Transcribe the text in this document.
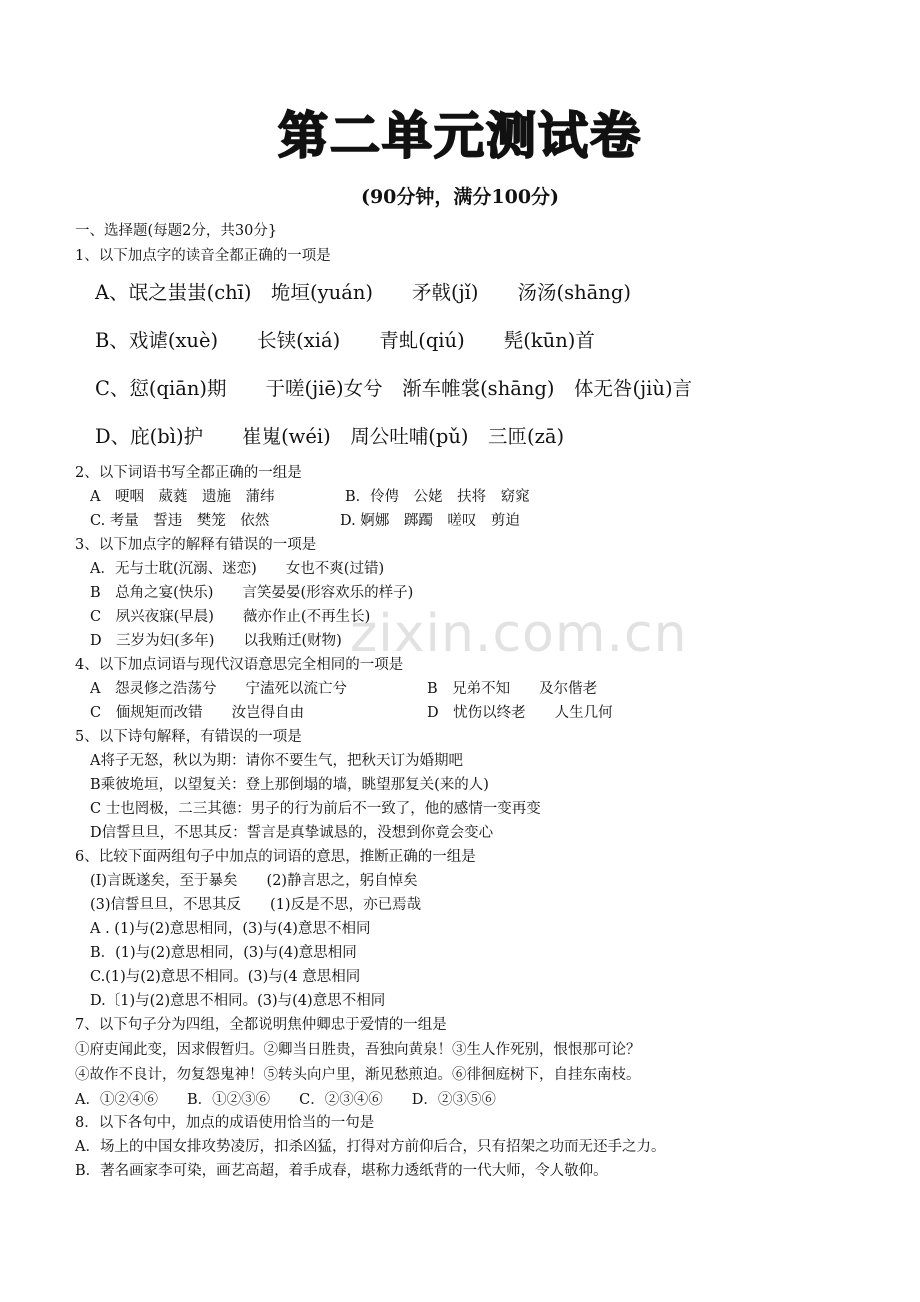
zixin.com.cn
第二单元测试卷
(90分钟，满分100分)
一、选择题(每题2分，共30分}
1、以下加点字的读音全都正确的一项是
A、氓之蚩蚩(chī)　垝垣(yuán)　　矛戟(jǐ)　　汤汤(shāng)
B、戏谑(xuè)　　长铗(xiá)　　青虬(qiú)　　髡(kūn)首
C、愆(qiān)期　　于嗟(jiē)女兮　渐车帷裳(shāng)　体无咎(jiù)言
D、庇(bì)护　　崔嵬(wéi)　周公吐哺(pǔ)　三匝(zā)
2、以下词语书写全都正确的一组是
A　哽咽　葳蕤　遗施　蒲纬	B．伶俜　公姥　扶将　窈窕
C. 考量　誓违　樊笼　依然	D. 婀娜　踯躅　嗟叹　剪迫
3、以下加点字的解释有错误的一项是
A．无与士耽(沉溺、迷恋)　　女也不爽(过错)
B　总角之宴(快乐)　　言笑晏晏(形容欢乐的样子)
C　夙兴夜寐(早晨)　　薇亦作止(不再生长)
D　三岁为妇(多年)　　以我贿迁(财物)
4、以下加点词语与现代汉语意思完全相同的一项是
A　怨灵修之浩荡兮　　宁溘死以流亡兮	B　兄弟不知　　及尔偕老
C　偭规矩而改错　　汝岂得自由	D　忧伤以终老　　人生几何
5、以下诗句解释，有错误的一项是
A将子无怒，秋以为期：请你不要生气，把秋天订为婚期吧
B乘彼垝垣，以望复关：登上那倒塌的墙，眺望那复关(来的人)
C 士也罔极，二三其德：男子的行为前后不一致了，他的感情一变再变
D信誓旦旦，不思其反：誓言是真挚诚恳的，没想到你竟会变心
6、比较下面两组句子中加点的词语的意思，推断正确的一组是
(I)言既遂矣，至于暴矣　　(2)静言思之，躬自悼矣
(3)信誓旦旦，不思其反　　(1)反是不思，亦已焉哉
A . (1)与(2)意思相同，(3)与(4)意思不相同
B．(1)与(2)意思相同，(3)与(4)意思相同
C.(1)与(2)意思不相同。(3)与(4 意思相同
D.〔1)与(2)意思不相同。(3)与(4)意思不相同
7、以下句子分为四组，全都说明焦仲卿忠于爱情的一组是
①府吏闻此变，因求假暂归。②卿当日胜贵，吾独向黄泉！③生人作死别，恨恨那可论？
④故作不良计，勿复怨鬼神！⑤转头向户里，渐见愁煎迫。⑥徘徊庭树下，自挂东南枝。
A．①②④⑥　　B．①②③⑥　　C．②③④⑥　　D．②③⑤⑥
8．以下各句中，加点的成语使用恰当的一句是
A．场上的中国女排攻势凌厉，扣杀凶猛，打得对方前仰后合，只有招架之功而无还手之力。
B．著名画家李可染，画艺高超，着手成春，堪称力透纸背的一代大师，令人敬仰。
